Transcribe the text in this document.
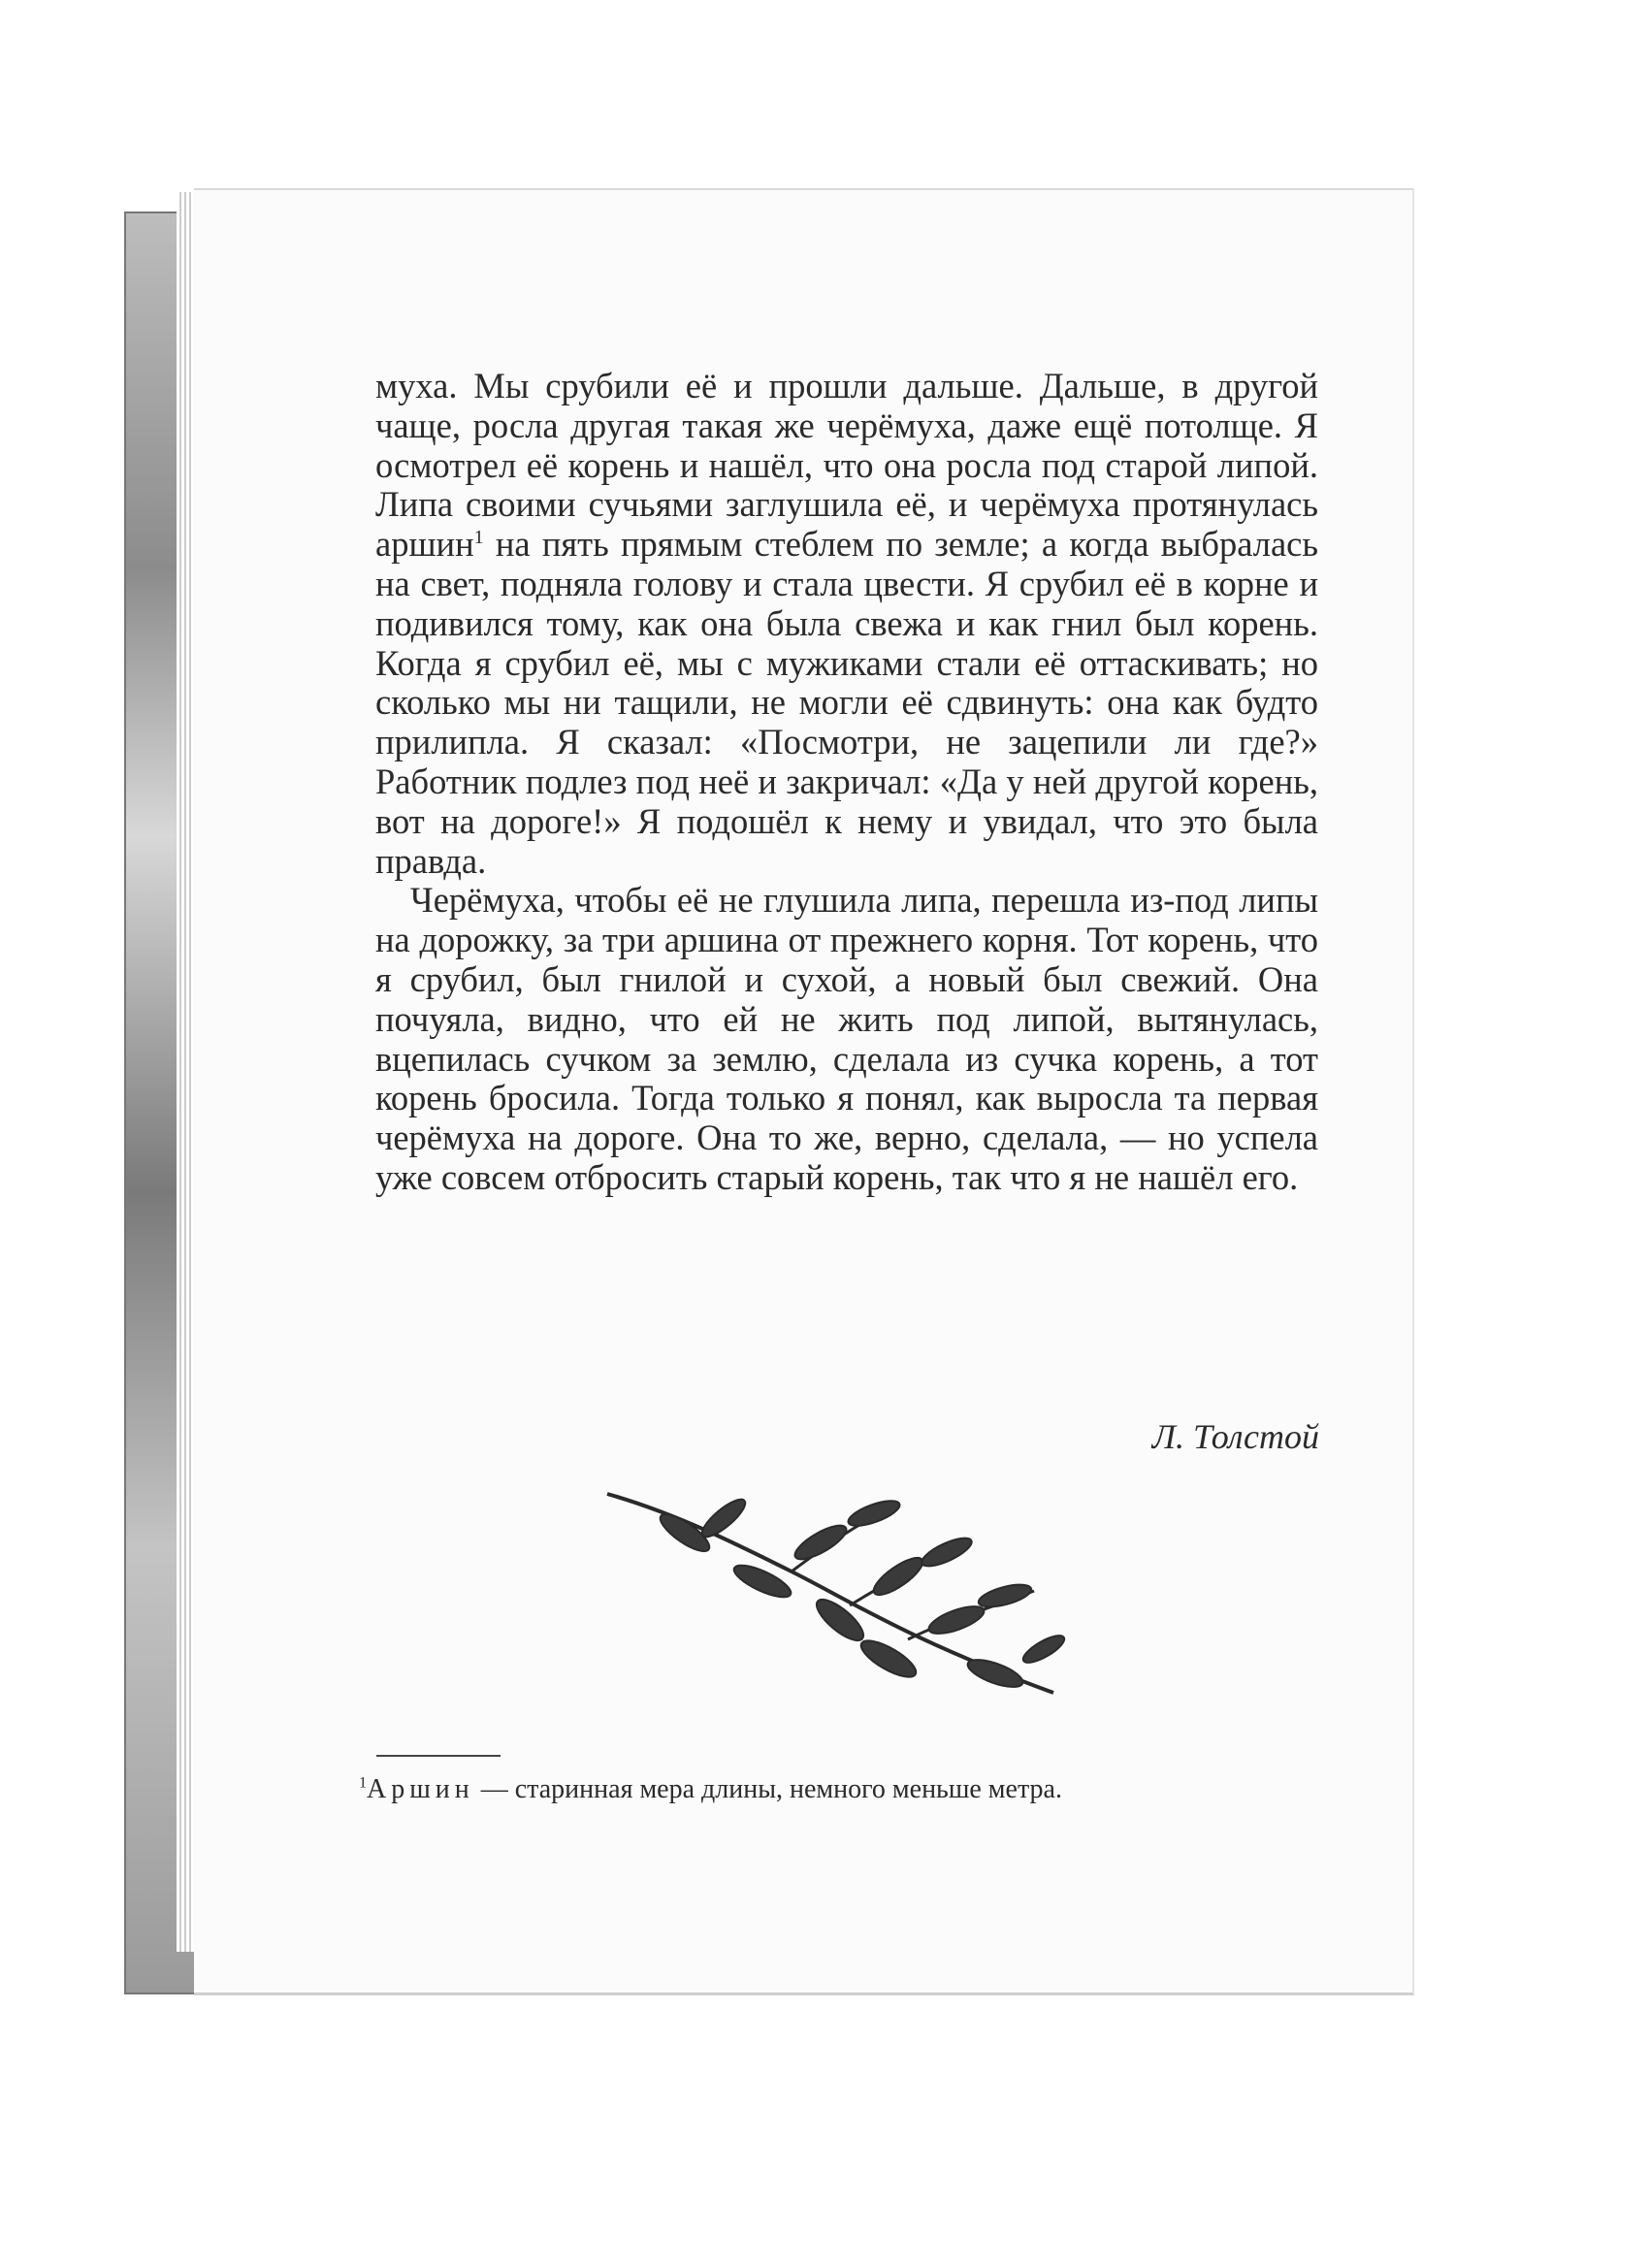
муха. Мы срубили её и прошли дальше. Дальше, в другой чаще, росла другая такая же черёмуха, даже ещё потолще. Я осмотрел её корень и нашёл, что она росла под старой липой. Липа своими сучьями заглушила её, и черёмуха протянулась аршин$^1$ на пять прямым стеблем по земле; а когда выбралась на свет, подняла голову и стала цвести. Я срубил её в корне и подивился тому, как она была свежа и как гнил был корень. Когда я срубил её, мы с мужиками стали её оттаскивать; но сколько мы ни тащили, не могли её сдвинуть: она как будто прилипла. Я сказал: «Посмотри, не зацепили ли где?» Работник подлез под неё и закричал: «Да у ней другой корень, вот на дороге!» Я подошёл к нему и увидал, что это была правда.

Черёмуха, чтобы её не глушила липа, перешла из-под липы на дорожку, за три аршина от прежнего корня. Тот корень, что я срубил, был гнилой и сухой, а новый был свежий. Она почуяла, видно, что ей не жить под липой, вытянулась, вцепилась сучком за землю, сделала из сучка корень, а тот корень бросила. Тогда только я понял, как выросла та первая черёмуха на дороге. Она то же, верно, сделала, — но успела уже совсем отбросить старый корень, так что я не нашёл его.

Л. Толстой
$^1$Аршин — старинная мера длины, немного меньше метра.
